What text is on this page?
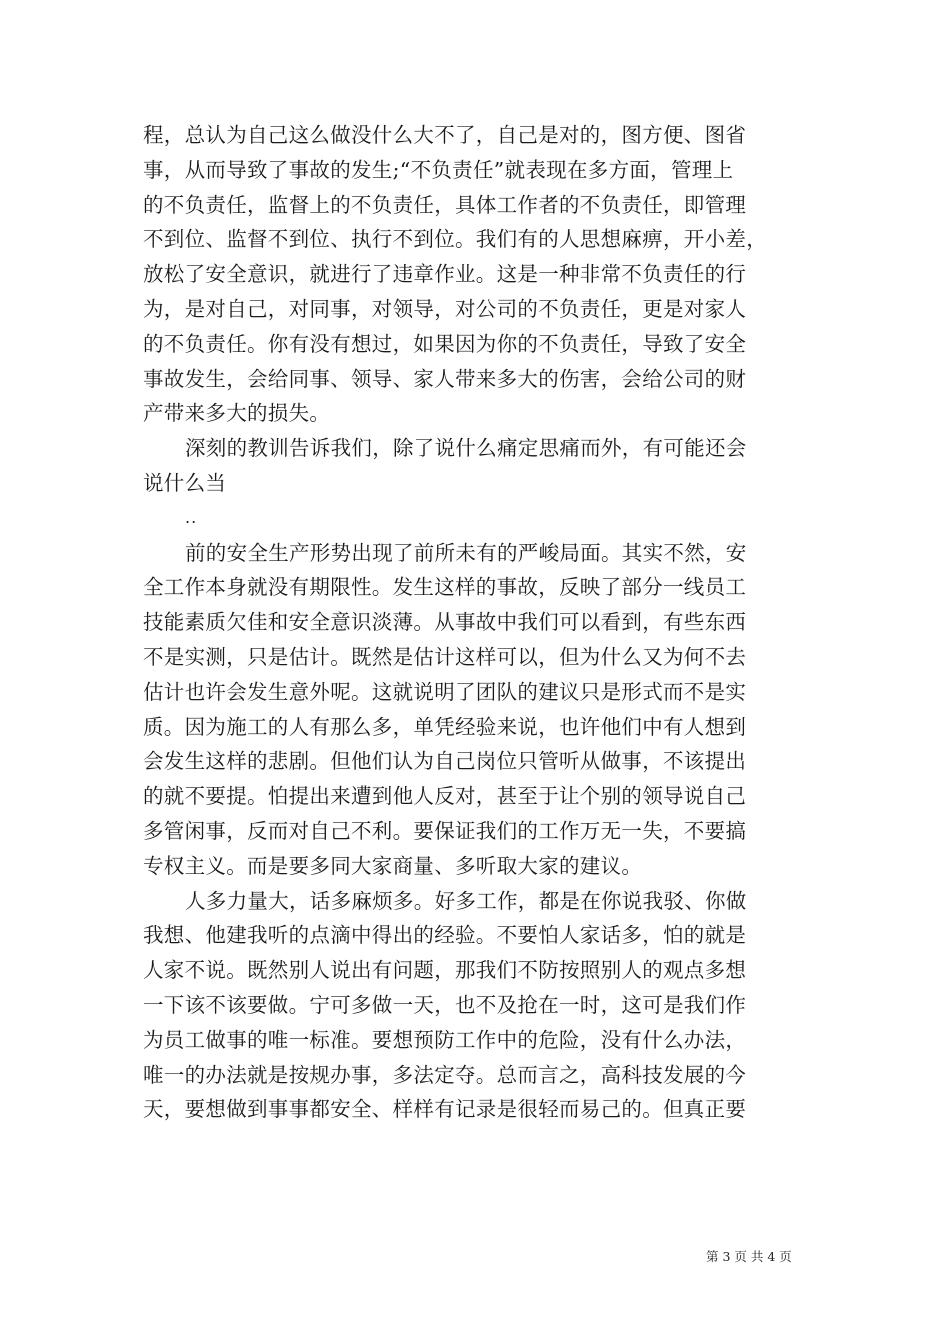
程，总认为自己这么做没什么大不了，自己是对的，图方便、图省
事，从而导致了事故的发生;“不负责任”就表现在多方面，管理上
的不负责任，监督上的不负责任，具体工作者的不负责任，即管理
不到位、监督不到位、执行不到位。我们有的人思想麻痹，开小差，
放松了安全意识，就进行了违章作业。这是一种非常不负责任的行
为，是对自己，对同事，对领导，对公司的不负责任，更是对家人
的不负责任。你有没有想过，如果因为你的不负责任，导致了安全
事故发生，会给同事、领导、家人带来多大的伤害，会给公司的财
产带来多大的损失。
深刻的教训告诉我们，除了说什么痛定思痛而外，有可能还会
说什么当
..
前的安全生产形势出现了前所未有的严峻局面。其实不然，安
全工作本身就没有期限性。发生这样的事故，反映了部分一线员工
技能素质欠佳和安全意识淡薄。从事故中我们可以看到，有些东西
不是实测，只是估计。既然是估计这样可以，但为什么又为何不去
估计也许会发生意外呢。这就说明了团队的建议只是形式而不是实
质。因为施工的人有那么多，单凭经验来说，也许他们中有人想到
会发生这样的悲剧。但他们认为自己岗位只管听从做事，不该提出
的就不要提。怕提出来遭到他人反对，甚至于让个别的领导说自己
多管闲事，反而对自己不利。要保证我们的工作万无一失，不要搞
专权主义。而是要多同大家商量、多听取大家的建议。
人多力量大，话多麻烦多。好多工作，都是在你说我驳、你做
我想、他建我听的点滴中得出的经验。不要怕人家话多，怕的就是
人家不说。既然别人说出有问题，那我们不防按照别人的观点多想
一下该不该要做。宁可多做一天，也不及抢在一时，这可是我们作
为员工做事的唯一标准。要想预防工作中的危险，没有什么办法，
唯一的办法就是按规办事，多法定夺。总而言之，高科技发展的今
天，要想做到事事都安全、样样有记录是很轻而易己的。但真正要
第 3 页 共 4 页
